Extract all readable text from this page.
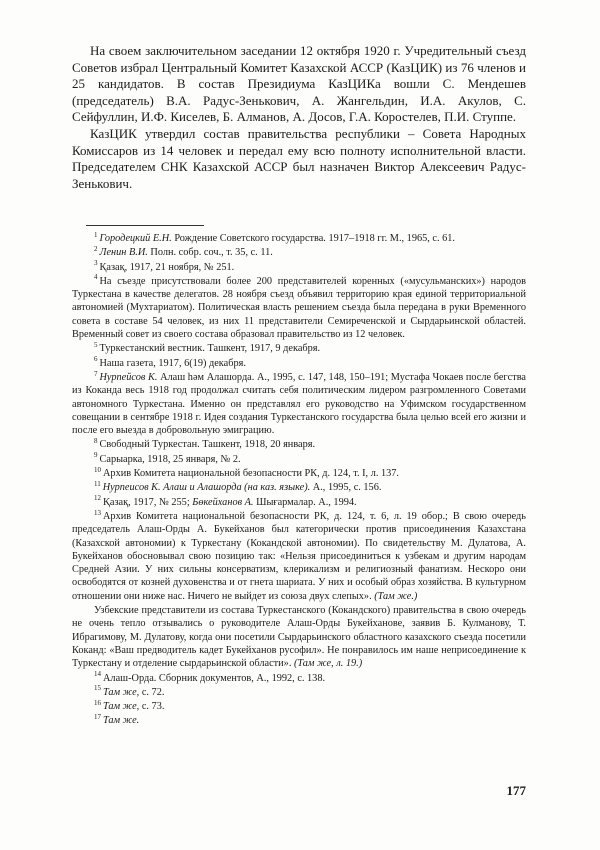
На своем заключительном заседании 12 октября 1920 г. Учредительный съезд Советов избрал Центральный Комитет Казахской АССР (КазЦИК) из 76 членов и 25 кандидатов. В состав Президиума КазЦИКа вошли С. Мендешев (председатель) В.А. Радус-Зенькович, А. Жангельдин, И.А. Акулов, С. Сейфуллин, И.Ф. Киселев, Б. Алманов, А. Досов, Г.А. Коростелев, П.И. Ступпе.

КазЦИК утвердил состав правительства республики – Совета Народных Комиссаров из 14 человек и передал ему всю полноту исполнительной власти. Председателем СНК Казахской АССР был назначен Виктор Алексеевич Радус-Зенькович.

$^1$ Городецкий Е.Н. Рождение Советского государства. 1917–1918 гг. М., 1965, с. 61.

$^2$ Ленин В.И. Полн. собр. соч., т. 35, с. 11.

$^3$ Қазақ, 1917, 21 ноября, № 251.

$^4$ На съезде присутствовали более 200 представителей коренных («мусульманских») народов Туркестана в качестве делегатов. 28 ноября съезд объявил территорию края единой территориальной автономией (Мухтариатом). Политическая власть решением съезда была передана в руки Временного совета в составе 54 человек, из них 11 представители Семиреченской и Сырдарьинской областей. Временный совет из своего состава образовал правительство из 12 человек.

$^5$ Туркестанский вестник. Ташкент, 1917, 9 декабря.

$^6$ Наша газета, 1917, 6(19) декабря.

$^7$ Нурпейсов К. Алаш һәм Алашорда. А., 1995, с. 147, 148, 150–191; Мустафа Чокаев после бегства из Коканда весь 1918 год продолжал считать себя политическим лидером разгромленного Советами автономного Туркестана. Именно он представлял его руководство на Уфимском государственном совещании в сентябре 1918 г. Идея создания Туркестанского государства была целью всей его жизни и после его выезда в добровольную эмиграцию.

$^8$ Свободный Туркестан. Ташкент, 1918, 20 января.

$^9$ Сарыарка, 1918, 25 января, № 2.

$^{10}$ Архив Комитета национальной безопасности РК, д. 124, т. I, л. 137.

$^{11}$ Нурпеисов К. Алаш и Алашорда (на каз. языке). А., 1995, с. 156.

$^{12}$ Қазақ, 1917, № 255; Бөкейханов А. Шығармалар. А., 1994.

$^{13}$ Архив Комитета национальной безопасности РК, д. 124, т. 6, л. 19 обор.; В свою очередь председатель Алаш-Орды А. Букейханов был категорически против присоединения Казахстана (Казахской автономии) к Туркестану (Кокандской автономии). По свидетельству М. Дулатова, А. Букейханов обосновывал свою позицию так: «Нельзя присоединиться к узбекам и другим народам Средней Азии. У них сильны консерватизм, клерикализм и религиозный фанатизм. Нескоро они освободятся от козней духовенства и от гнета шариата. У них и особый образ хозяйства. В культурном отношении они ниже нас. Ничего не выйдет из союза двух слепых». (Там же.)

Узбекские представители из состава Туркестанского (Кокандского) правительства в свою очередь не очень тепло отзывались о руководителе Алаш-Орды Букейханове, заявив Б. Кулманову, Т. Ибрагимову, М. Дулатову, когда они посетили Сырдарьинского областного казахского съезда посетили Коканд: «Ваш предводитель кадет Букейханов русофил». Не понравилось им наше неприсоединение к Туркестану и отделение сырдарьинской области». (Там же, л. 19.)

$^{14}$ Алаш-Орда. Сборник документов, А., 1992, с. 138.

$^{15}$ Там же, с. 72.

$^{16}$ Там же, с. 73.

$^{17}$ Там же.

177
